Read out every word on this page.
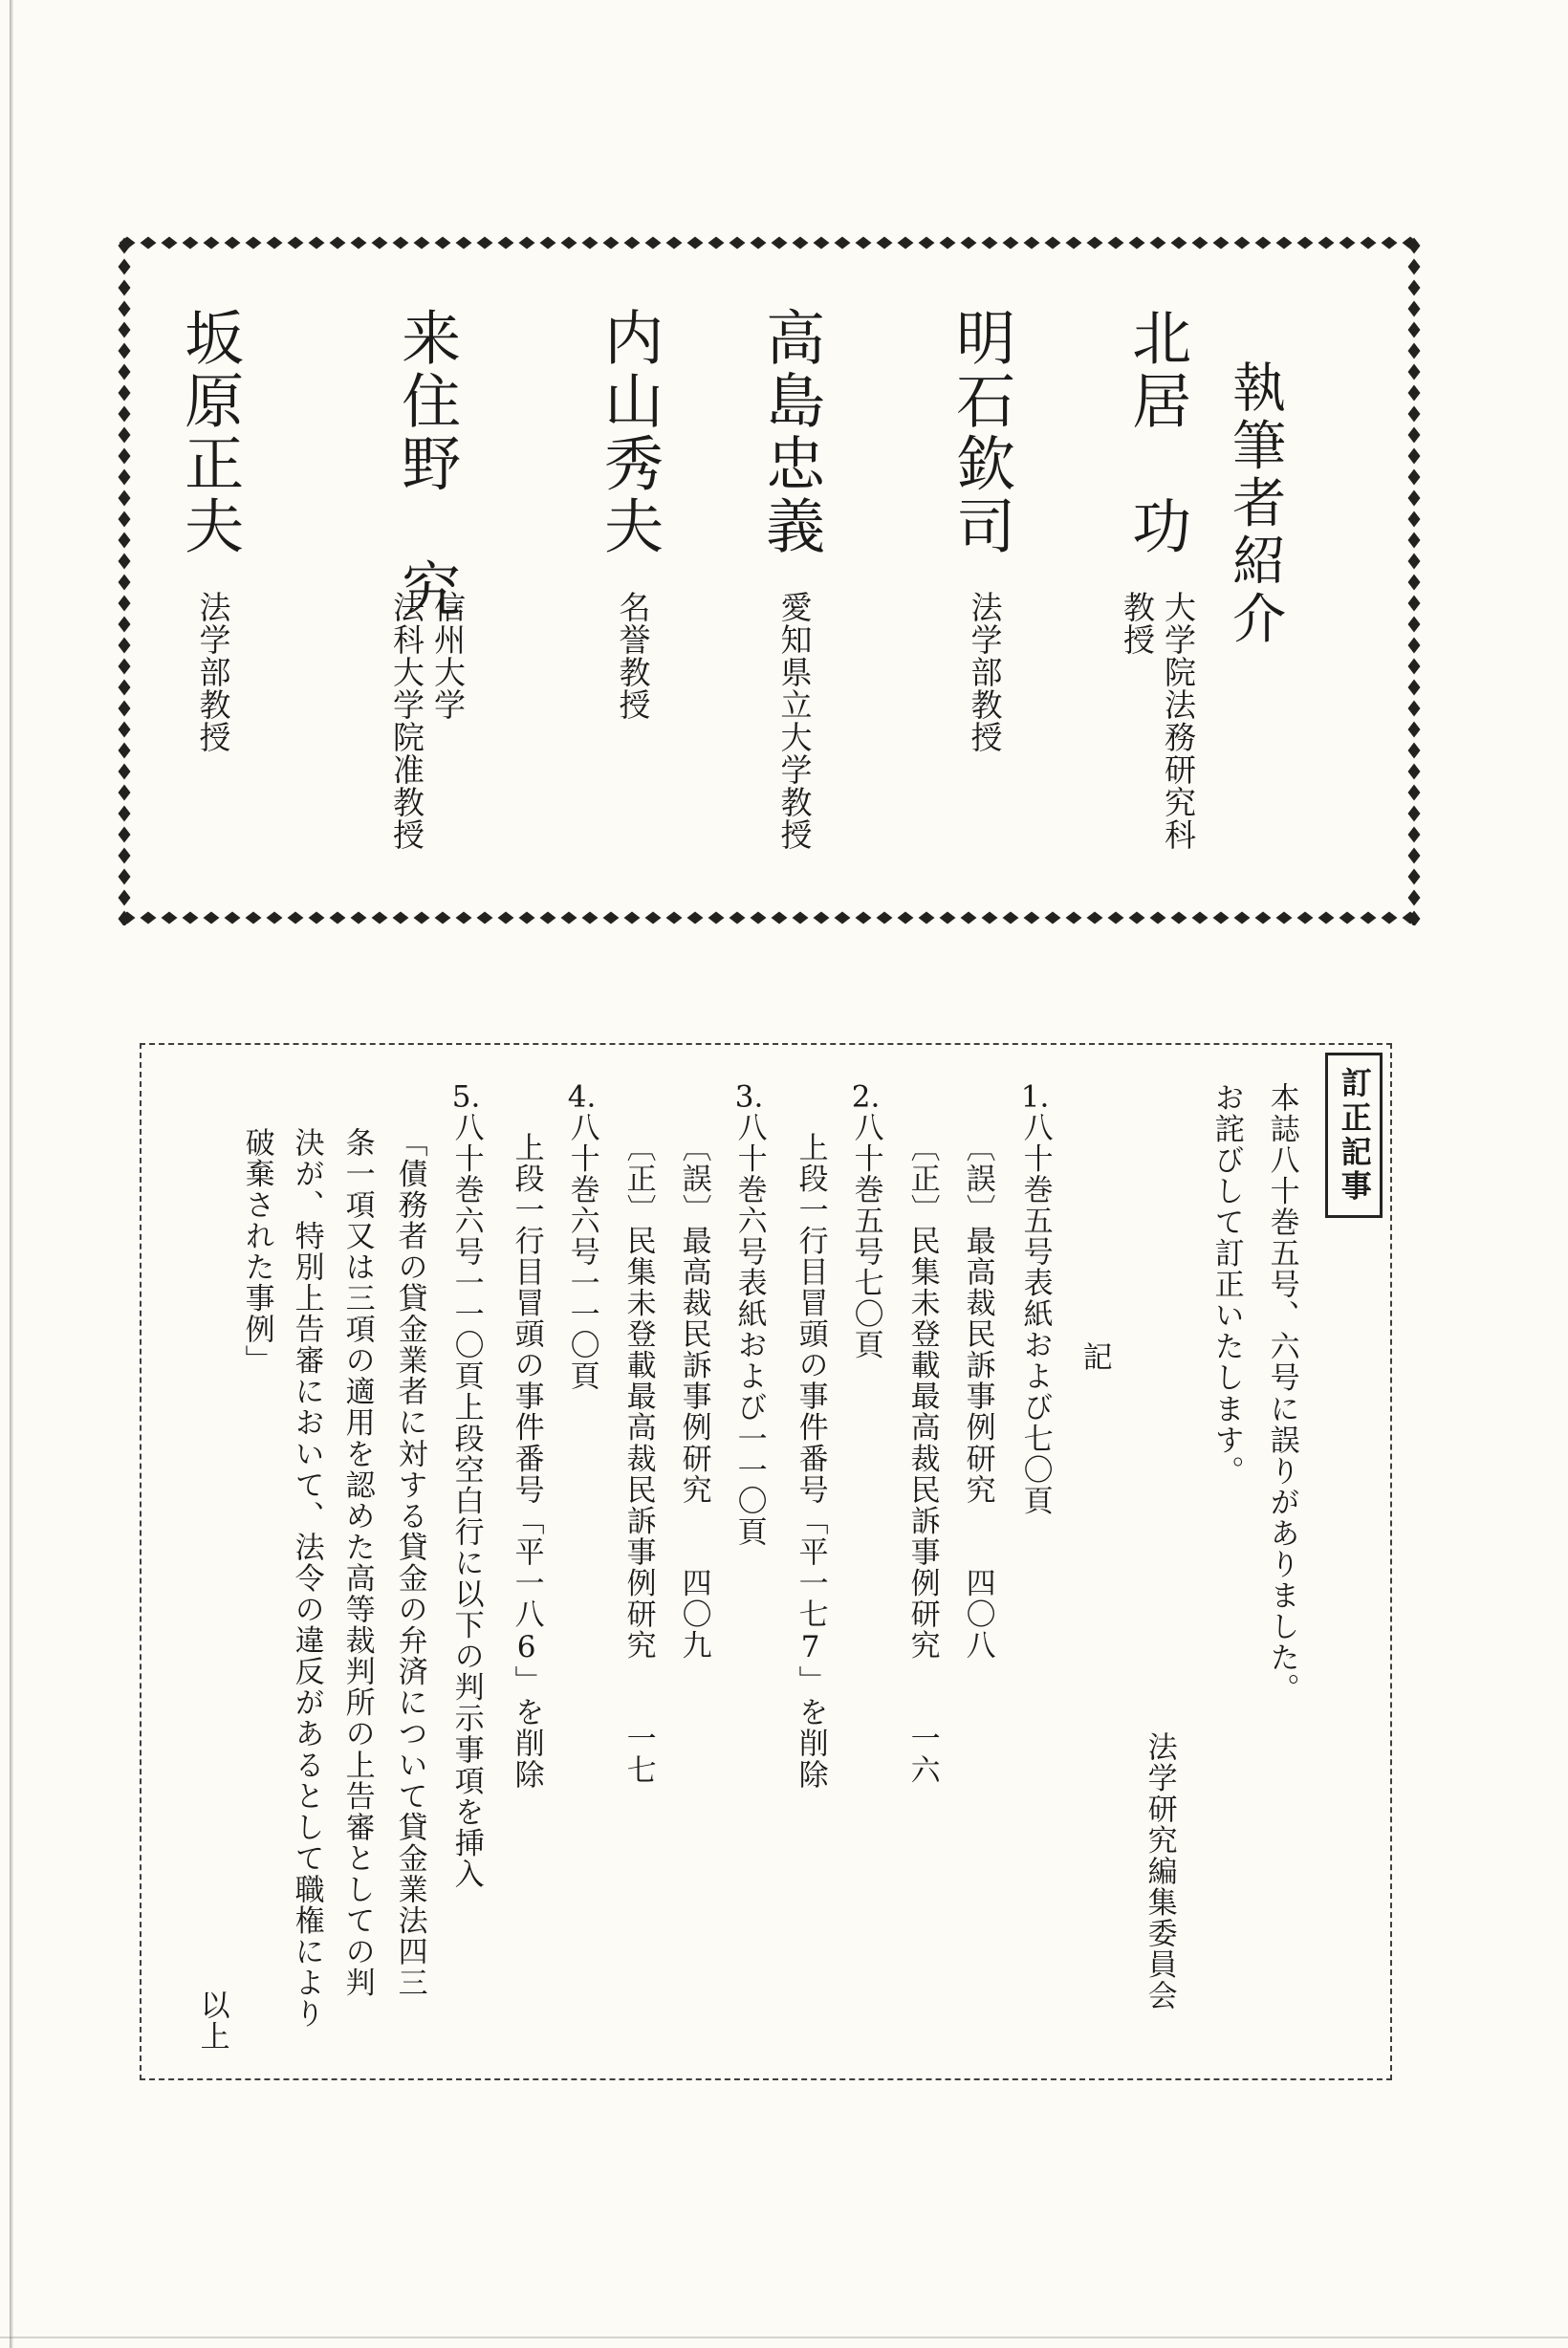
執筆者紹介
北居　功
大学院法務研究科
教授
明石欽司
法学部教授
高島忠義
愛知県立大学教授
内山秀夫
名誉教授
来住野　究
信州大学
法科大学院准教授
坂原正夫
法学部教授
訂正記事
本誌八十巻五号、六号に誤りがありました。
お詫びして訂正いたします。
法学研究編集委員会
記
1.八十巻五号表紙および七〇頁
〔誤〕最高裁民訴事例研究　　四〇八
〔正〕民集未登載最高裁民訴事例研究　　一六
2.八十巻五号七〇頁
上段一行目冒頭の事件番号「平一七7」を削除
3.八十巻六号表紙および一一〇頁
〔誤〕最高裁民訴事例研究　　四〇九
〔正〕民集未登載最高裁民訴事例研究　　一七
4.八十巻六号一一〇頁
上段一行目冒頭の事件番号「平一八6」を削除
5.八十巻六号一一〇頁上段空白行に以下の判示事項を挿入
「債務者の貸金業者に対する貸金の弁済について貸金業法四三
条一項又は三項の適用を認めた高等裁判所の上告審としての判
決が、特別上告審において、法令の違反があるとして職権により
破棄された事例」
以上
